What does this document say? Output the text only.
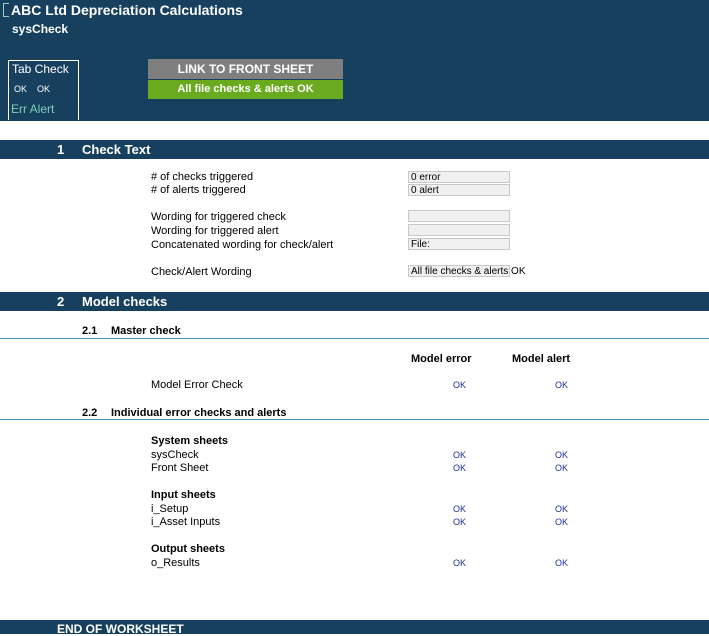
ABC Ltd Depreciation Calculations
sysCheck
Tab Check
OK OK
Err Alert
LINK TO FRONT SHEET
All file checks & alerts OK
1 Check Text
# of checks triggered	0 error
# of alerts triggered	0 alert
Wording for triggered check
Wording for triggered alert
Concatenated wording for check/alert	File:
Check/Alert Wording	All file checks & alerts OK
2 Model checks
2.1 Master check
Model error	Model alert
Model Error Check	OK	OK
2.2 Individual error checks and alerts
System sheets
sysCheck	OK	OK
Front Sheet	OK	OK
Input sheets
i_Setup	OK	OK
i_Asset Inputs	OK	OK
Output sheets
o_Results	OK	OK
END OF WORKSHEET
